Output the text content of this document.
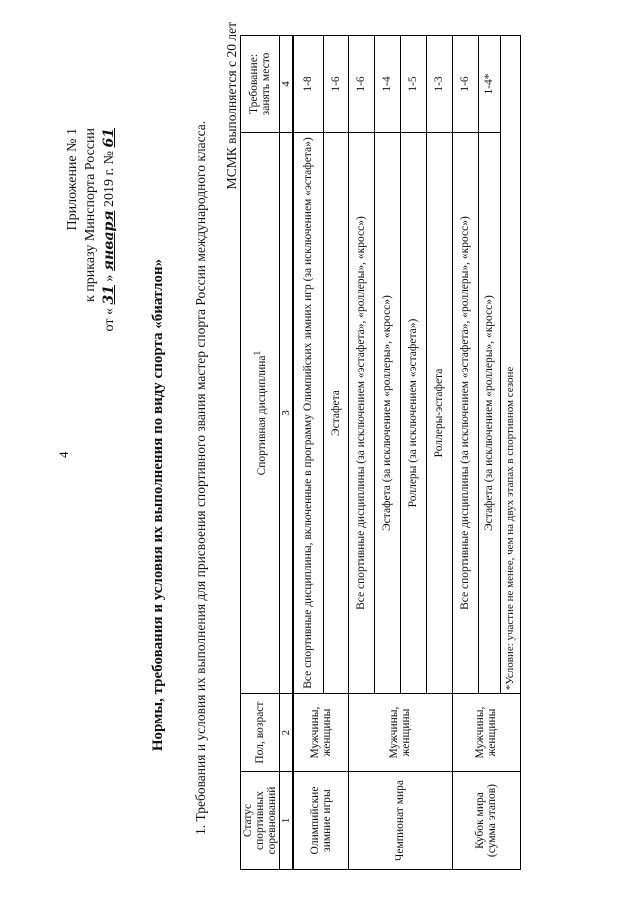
4
Приложение № 1 к приказу Минспорта России
от « 31 » января 2019 г. № 61
Нормы, требования и условия их выполнения по виду спорта «биатлон» 1. Требования и условия их выполнения для присвоения спортивного звания мастер спорта России международного класса.
МСМК выполняется с 20 лет
Статус спортивных соревнований	Пол, возраст	Спортивная дисциплина$^1$	Требование: занять место
1	2	3	4
Олимпийские зимние игры	Мужчины, женщины	Все спортивные дисциплины, включенные в программу Олимпийских зимних игр (за исключением «эстафета»)	1-8
		Эстафета	1-6
Чемпионат мира	Мужчины, женщины	Все спортивные дисциплины (за исключением «эстафета», «роллеры», «кросс»)	1-6
		Эстафета (за исключением «роллеры», «кросс»)	1-4
		Роллеры (за исключением «эстафета»)	1-5
		Роллеры-эстафета	1-3
Кубок мира (сумма этапов)	Мужчины, женщины	Все спортивные дисциплины (за исключением «эстафета», «роллеры», «кросс»)	1-6
		Эстафета (за исключением «роллеры», «кросс»)	1-4*
		*Условие: участие не менее, чем на двух этапах в спортивном сезоне	
